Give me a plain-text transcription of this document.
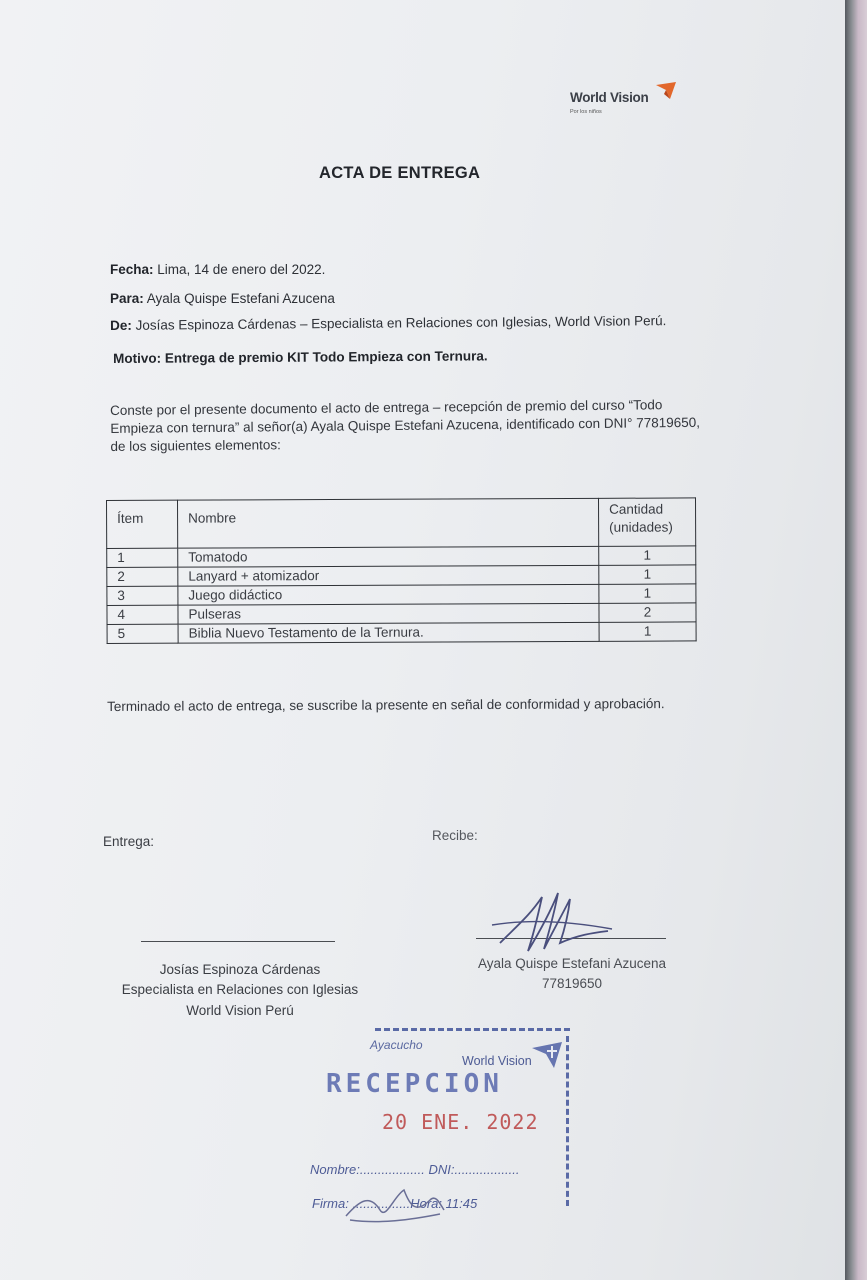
World Vision
Por los niños
ACTA DE ENTREGA
Fecha: Lima, 14 de enero del 2022.
Para: Ayala Quispe Estefani Azucena
De: Josías Espinoza Cárdenas – Especialista en Relaciones con Iglesias, World Vision Perú.
Motivo: Entrega de premio KIT Todo Empieza con Ternura.
Conste por el presente documento el acto de entrega – recepción de premio del curso “Todo Empieza con ternura” al señor(a) Ayala Quispe Estefani Azucena, identificado con DNI° 77819650, de los siguientes elementos:
Ítem	Nombre	Cantidad (unidades)
1	Tomatodo	1
2	Lanyard + atomizador	1
3	Juego didáctico	1
4	Pulseras	2
5	Biblia Nuevo Testamento de la Ternura.	1
Terminado el acto de entrega, se suscribe la presente en señal de conformidad y aprobación.
Entrega:	Recibe:
Josías Espinoza Cárdenas
Especialista en Relaciones con Iglesias
World Vision Perú
Ayala Quispe Estefani Azucena
77819650
Ayacucho
World Vision
RECEPCION
20 ENE. 2022
Nombre:.................. DNI:..................
Firma: ................Hora: 11:45
